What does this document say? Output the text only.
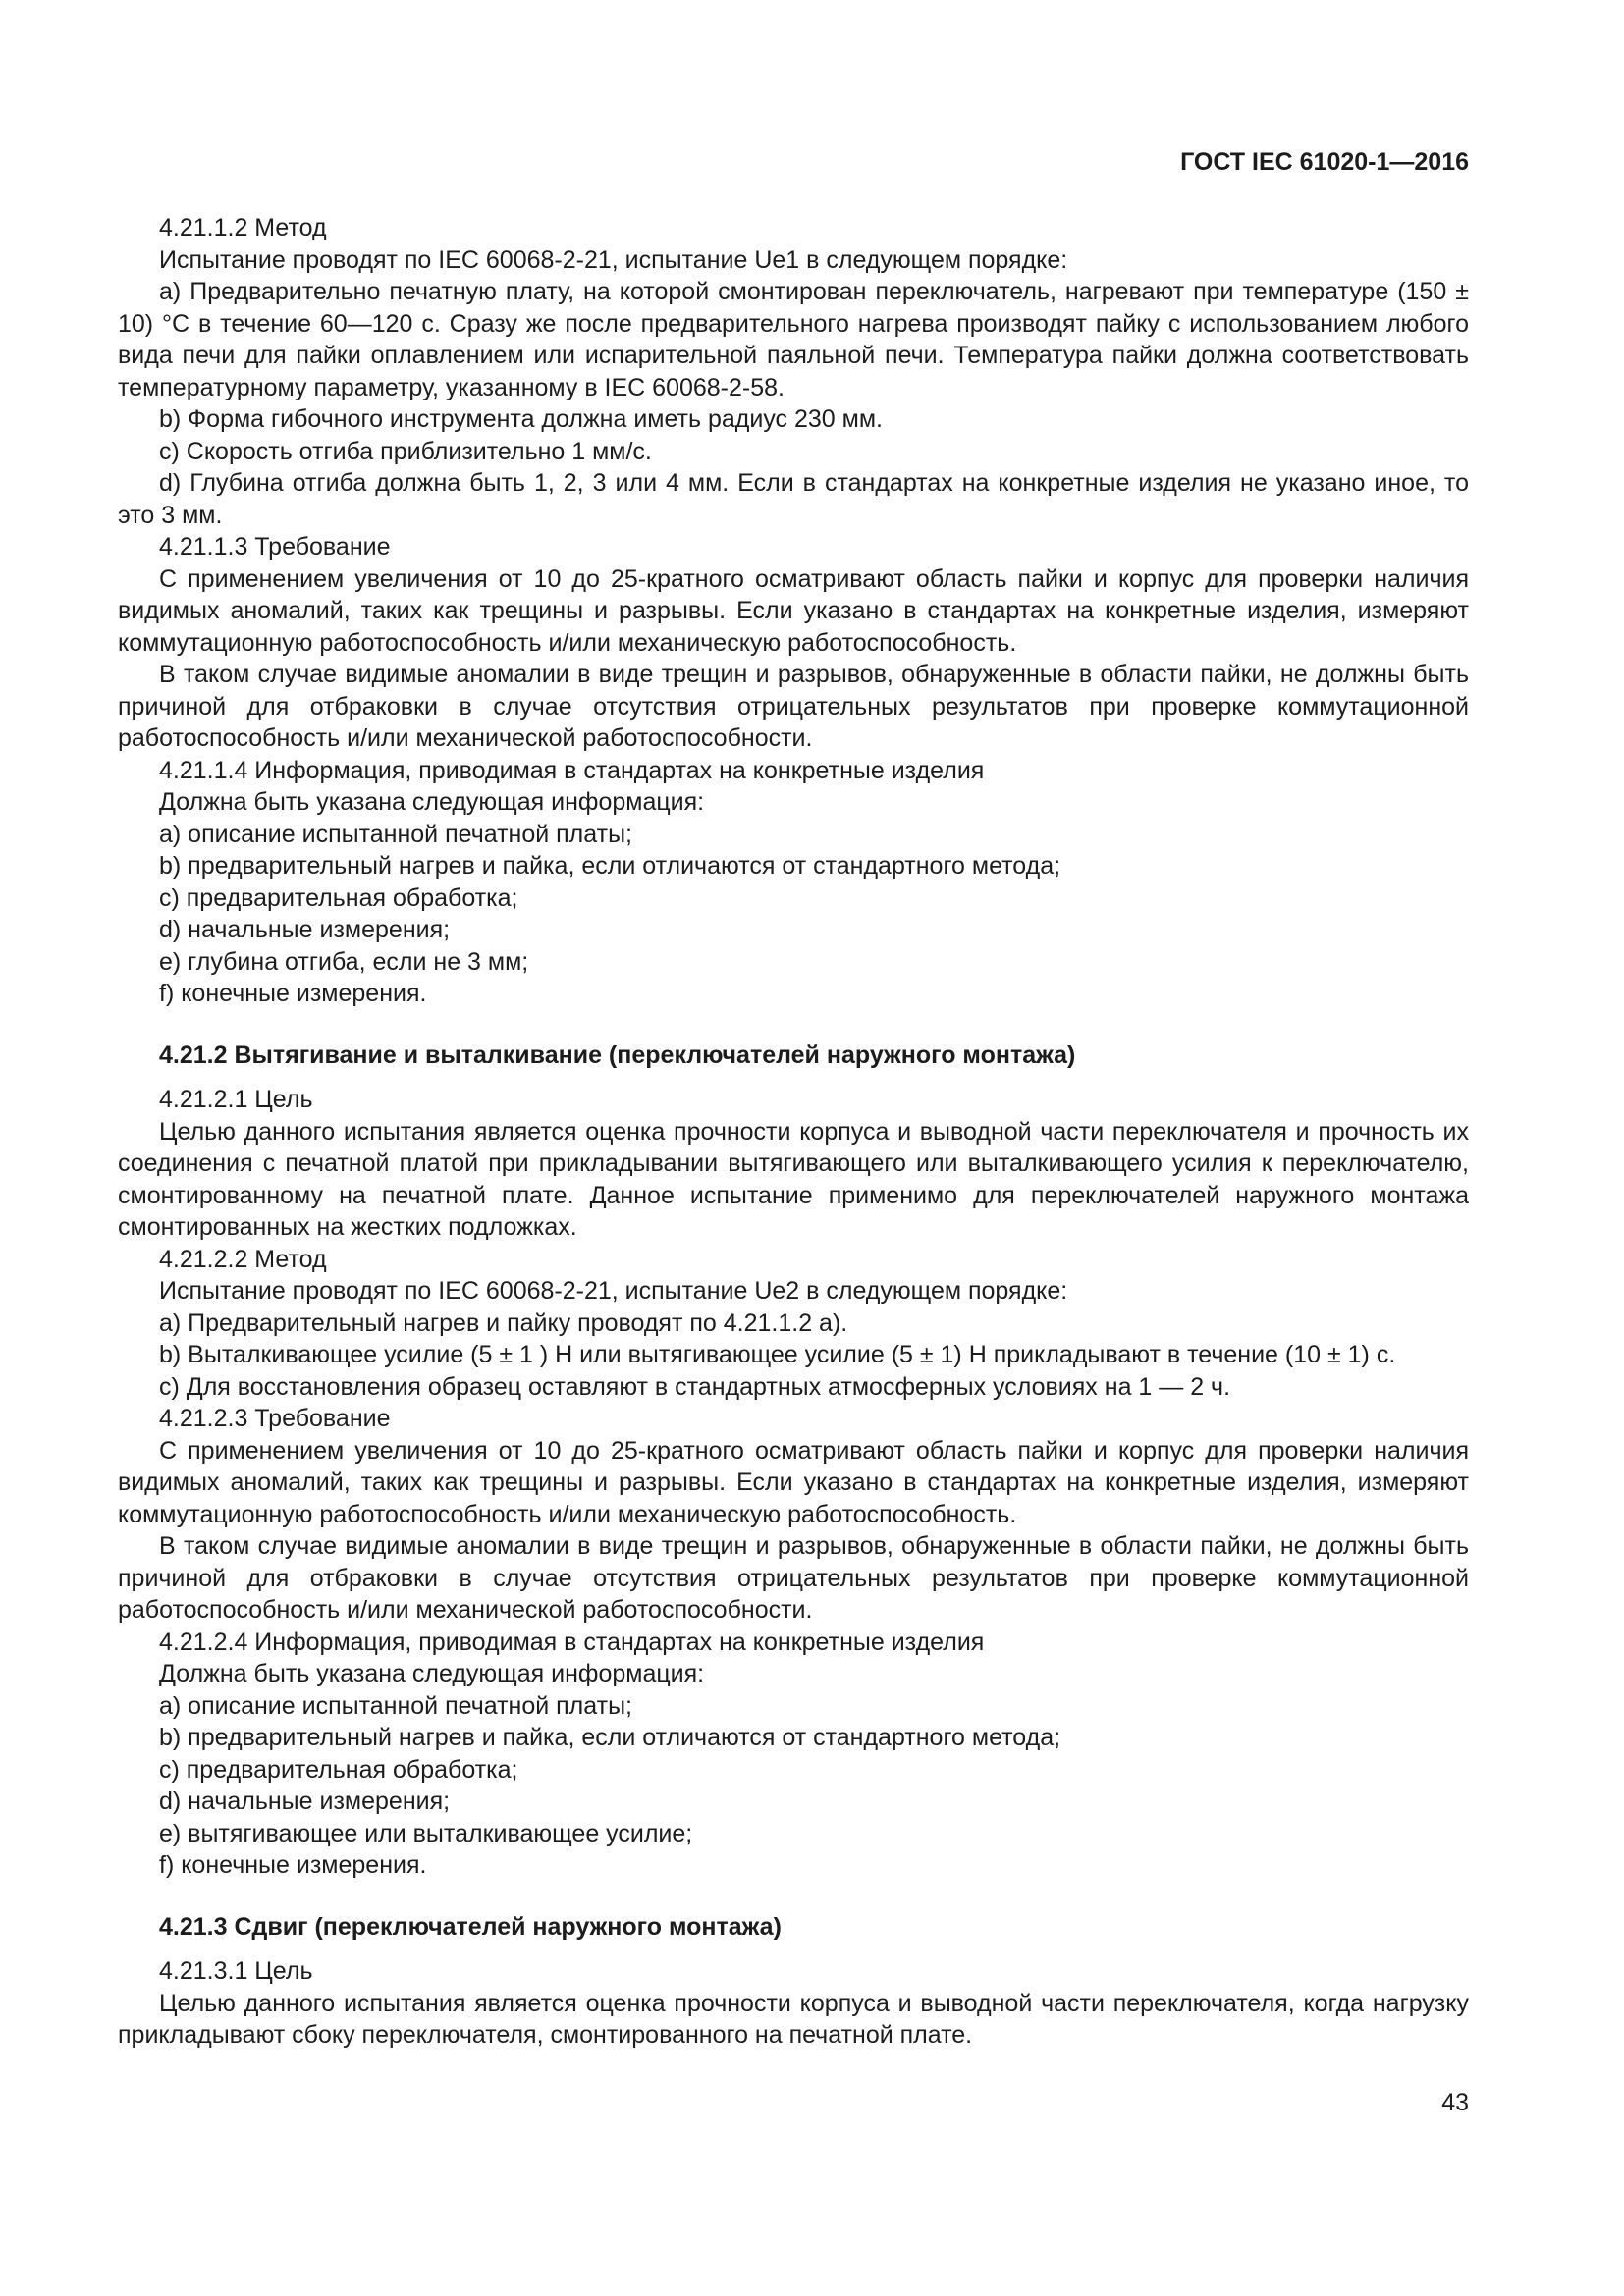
ГОСТ IEC 61020-1—2016

4.21.1.2 Метод

Испытание проводят по IEC 60068-2-21, испытание Ue1 в следующем порядке:

a) Предварительно печатную плату, на которой смонтирован переключатель, нагревают при температуре (150 ± 10) °С в течение 60—120 с. Сразу же после предварительного нагрева производят пайку с использованием любого вида печи для пайки оплавлением или испарительной паяльной печи. Температура пайки должна соответствовать температурному параметру, указанному в IEC 60068-2-58.

b) Форма гибочного инструмента должна иметь радиус 230 мм.

c) Скорость отгиба приблизительно 1 мм/с.

d) Глубина отгиба должна быть 1, 2, 3 или 4 мм. Если в стандартах на конкретные изделия не указано иное, то это 3 мм.

4.21.1.3 Требование

С применением увеличения от 10 до 25-кратного осматривают область пайки и корпус для проверки наличия видимых аномалий, таких как трещины и разрывы. Если указано в стандартах на конкретные изделия, измеряют коммутационную работоспособность и/или механическую работоспособность.

В таком случае видимые аномалии в виде трещин и разрывов, обнаруженные в области пайки, не должны быть причиной для отбраковки в случае отсутствия отрицательных результатов при проверке коммутационной работоспособность и/или механической работоспособности.

4.21.1.4 Информация, приводимая в стандартах на конкретные изделия

Должна быть указана следующая информация:

a) описание испытанной печатной платы;

b) предварительный нагрев и пайка, если отличаются от стандартного метода;

c) предварительная обработка;

d) начальные измерения;

e) глубина отгиба, если не 3 мм;

f) конечные измерения.

4.21.2 Вытягивание и выталкивание (переключателей наружного монтажа)

4.21.2.1 Цель

Целью данного испытания является оценка прочности корпуса и выводной части переключателя и прочность их соединения с печатной платой при прикладывании вытягивающего или выталкивающего усилия к переключателю, смонтированному на печатной плате. Данное испытание применимо для переключателей наружного монтажа смонтированных на жестких подложках.

4.21.2.2 Метод

Испытание проводят по IEC 60068-2-21, испытание Ue2 в следующем порядке:

a) Предварительный нагрев и пайку проводят по 4.21.1.2 a).

b) Выталкивающее усилие (5 ± 1 ) Н или вытягивающее усилие (5 ± 1) Н прикладывают в течение (10 ± 1) с.

c) Для восстановления образец оставляют в стандартных атмосферных условиях на 1 — 2 ч.

4.21.2.3 Требование

С применением увеличения от 10 до 25-кратного осматривают область пайки и корпус для проверки наличия видимых аномалий, таких как трещины и разрывы. Если указано в стандартах на конкретные изделия, измеряют коммутационную работоспособность и/или механическую работоспособность.

В таком случае видимые аномалии в виде трещин и разрывов, обнаруженные в области пайки, не должны быть причиной для отбраковки в случае отсутствия отрицательных результатов при проверке коммутационной работоспособность и/или механической работоспособности.

4.21.2.4 Информация, приводимая в стандартах на конкретные изделия

Должна быть указана следующая информация:

a) описание испытанной печатной платы;

b) предварительный нагрев и пайка, если отличаются от стандартного метода;

c) предварительная обработка;

d) начальные измерения;

e) вытягивающее или выталкивающее усилие;

f) конечные измерения.

4.21.3 Сдвиг (переключателей наружного монтажа)

4.21.3.1 Цель

Целью данного испытания является оценка прочности корпуса и выводной части переключателя, когда нагрузку прикладывают сбоку переключателя, смонтированного на печатной плате.

43
